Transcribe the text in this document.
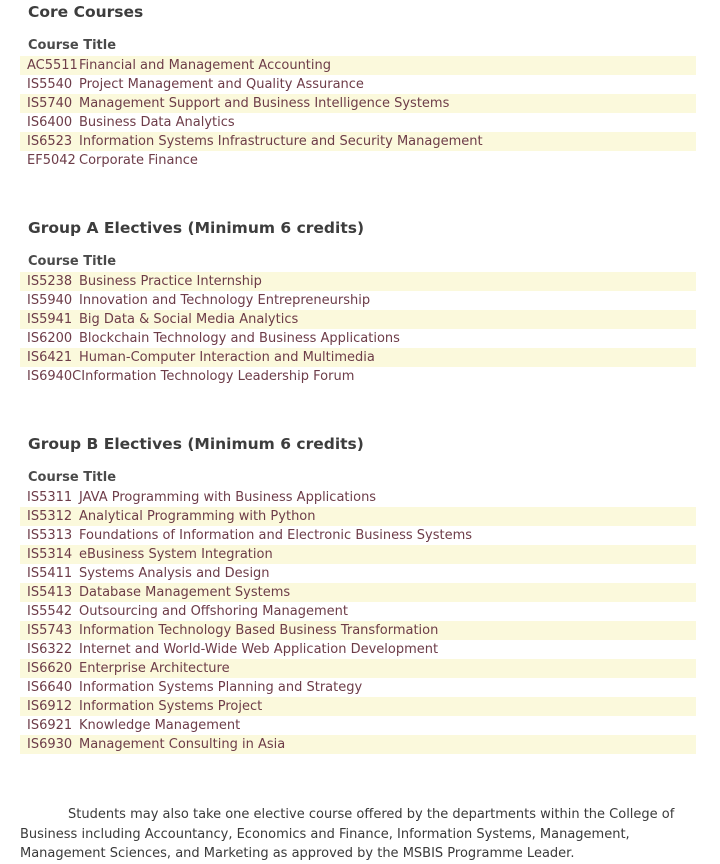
Core Courses
Course Title
AC5511 Financial and Management Accounting
IS5540 Project Management and Quality Assurance
IS5740 Management Support and Business Intelligence Systems
IS6400 Business Data Analytics
IS6523 Information Systems Infrastructure and Security Management
EF5042 Corporate Finance
Group A Electives (Minimum 6 credits)
Course Title
IS5238 Business Practice Internship
IS5940 Innovation and Technology Entrepreneurship
IS5941 Big Data & Social Media Analytics
IS6200 Blockchain Technology and Business Applications
IS6421 Human-Computer Interaction and Multimedia
IS6940C Information Technology Leadership Forum
Group B Electives (Minimum 6 credits)
Course Title
IS5311 JAVA Programming with Business Applications
IS5312 Analytical Programming with Python
IS5313 Foundations of Information and Electronic Business Systems
IS5314 eBusiness System Integration
IS5411 Systems Analysis and Design
IS5413 Database Management Systems
IS5542 Outsourcing and Offshoring Management
IS5743 Information Technology Based Business Transformation
IS6322 Internet and World-Wide Web Application Development
IS6620 Enterprise Architecture
IS6640 Information Systems Planning and Strategy
IS6912 Information Systems Project
IS6921 Knowledge Management
IS6930 Management Consulting in Asia

Students may also take one elective course offered by the departments within the College of Business including Accountancy, Economics and Finance, Information Systems, Management, Management Sciences, and Marketing as approved by the MSBIS Programme Leader.
